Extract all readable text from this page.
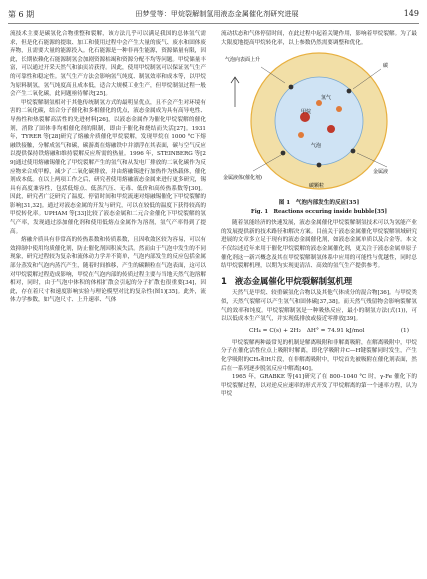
第 6 期	田梦莹等：甲烷裂解制氢用液态金属催化剂研究进展	149

流技术主要是碳氢化合物重整和裂解，该方法几乎可以满足我国的总体氢气需求，但是化石能源的提取、加工和使用过程中会产生大量的废气、废水和固体废弃物，且需要大量的能源投入。化石能源是一种非再生能源，资源储量有限，因此，长期依赖化石能源制氢会加剧资源枯竭和资源分配不均等问题。甲烷储量丰富，可以通过开采天然气和油页岩获得。因此，使用甲烷制氢可以保证氢气生产的可靠性和稳定性。氢气生产方法会影响氢气纯度、制氢效率和成本等，以甲烷为原料制氢，氢气纯度高且成本低，适合大规模工业生产，但甲烷制氢过程一般会产生二氧化碳，此问题亟待解决[25]。

甲烷裂解制氢相对于其他传统制氢方式的最明显优点，且不会产生对环境有害的二氧化碳，结合分子催化和多相催化的优点，液态金属成为具有高导电性、导热性和热裂解高活性的先进材料[26]，以液态金属作为催化甲烷裂解的催化剂，消除了固体非均相催化剂的限制，即由于催化和烧结而失活[27]。1931 年，TYRER 等[28]研究了熔融介质催化甲烷裂解，发现甲烷在 1000 °C下熔融铁接触，分解成氢气和碳，碳游离在熔融铁中并漂浮在其表面，碳与空气反应以提供保持铁熔融和维持裂解反应所需的热量。1996 年，STEINBERG 等[29]通过使用熔融锡催化了甲烷裂解产生的氢气和从发电厂排放的二氧化碳作为反应物来合成甲醇，减少了二氧化碳排放，并由熔融锡进行加热作为热载体，催化剂成本低。在以上两项工作之后，研究者使用熔融液态金属来进行更多研究，锡具有高度兼容性，包括低熔点、低蒸汽压、无毒、低价和高传热系数等[30]。因此，研究者广泛研究了温度、停留时间和甲烷流速对熔融锡催化下甲烷裂解的影响[31,32]。通过对液态金属的开发与研究，可以在较低的温度下获得较高的甲烷转化率。UPHAM 等[33]比较了液态金属和二元合金催化下甲烷裂解的氢气产率，发现通过添加催化剂和使用低熔点金属作为溶剂，氢气产率得到了提高。

熔融介质具有非常高的传热系数和传质系数，且因收敛区较为容易，可以有效抑制中使用均质催化剂，防止催化剂因积炭失活。然而由于气泡中发生的不同现象，研究过程较为复杂和流体动力学并不简单，气泡内部发生的反应包括金属部分蒸发和气泡内蒸汽产生，随着时间推移，产生的碳颗粒在气泡表面，这可以对甲烷裂解过程造成影响，甲烷在气泡内部的传质过程主要与当地天然气泡溶解相对，同时，由于气泡中体积的体相扩散会引起的分子扩散也很重要[34]，因此，存在着尺寸和速度影响实验与理论模型对比的复杂性(图1)[35]。此外，流体力学参数，如气泡尺寸、上升速率、气体

流动状态和气体停留时间，在此过程中起着关键作用，影响着甲烷裂解。为了最大限度地提高甲烷转化率，以上参数仍然需要调整和优化。

气泡向表面上升
甲烷
氢气
碳
金属液
金属液体(催化剂)
气泡
碳颗粒
图 1　气泡内部发生的反应[35]
Fig. 1　Reactions occuring inside bubble[35]

随着氢能经济的快速发展，液态金属催化甲烷裂解制氢技术可以为氢能产业的发展提供新的技术路径和解决方案。目前关于液态金属催化甲烷裂解领域研究进展的文章多立足于现有的液态金属催化剂，如液态金属单质以及合金等。本文不仅综述近年来用于催化甲烷裂解的液态金属催化剂，更关注于液态金属单原子催化剂这一新兴概念及其在甲烷裂解制氢体系中应用的可能性与优越性，同时总结甲烷裂解机理，以期为实现更清洁、高效的氢气生产提供参考。

1 液态金属催化甲烷裂解制氢机理

天然气是甲烷、较重碳氢化合物以及其他气体成分的混合物[36]。与甲烷类似，天然气裂解可以产生氢气和固体碳[37,38]。而天然气残留物会影响裂解氢气的效率和纯度。甲烷裂解制氢是一种吸热反应，最小的制氢方法(式(1))，可以以低成本生产氢气，并实现低排放或接近零排放[39]。

CH₄ = C(s) + 2H₂　ΔH° = 74.91 kJ/mol	(1)

甲烷裂解两种最常见的机制是解离吸附和非解离吸附，在解离吸附中，甲烷分子在催化活性位点上吸附时解离，即化学吸附并C—H键裂解同时发生，产生化学吸附的CH₃和H片段，在非解离吸附中，甲烷首先被吸附在催化剂表面，然后在一系列逐步脱氢反应中解离[40]。

1965 年，GRABKE 等[41]研究了在 800–1040 °C 时，γ-Fe 催化下的甲烷裂解过程，以对逆反应速率的形式开发了甲烷解离的第一个速率方程，认为甲烷
